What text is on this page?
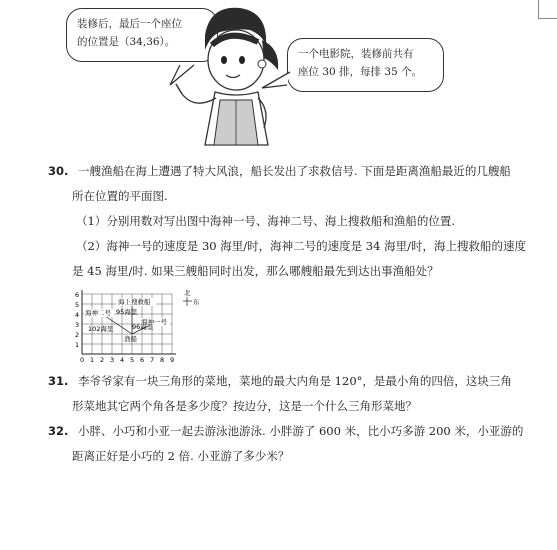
装修后，最后一个座位
的位置是（34,36）。
一个电影院，装修前共有
座位 30 排，每排 35 个。
30. 一艘渔船在海上遭遇了特大风浪，船长发出了求救信号. 下面是距离渔船最近的几艘船
所在位置的平面图.
（1）分别用数对写出图中海神一号、海神二号、海上搜救船和渔船的位置.
（2）海神一号的速度是 30 海里/时，海神二号的速度是 34 海里/时，海上搜救船的速度
是 45 海里/时. 如果三艘船同时出发，那么哪艘船最先到达出事渔船处？
海上搜救船
海神二号 95海里
海神一号
102海里	96海里
渔船
0 1 2 3 4 5 6 7 8 9
1
2
3
4
5
6	北
东
31. 李爷爷家有一块三角形的菜地，菜地的最大内角是 120°，是最小角的四倍，这块三角
形菜地其它两个角各是多少度？按边分，这是一个什么三角形菜地？
32. 小胖、小巧和小亚一起去游泳池游泳. 小胖游了 600 米，比小巧多游 200 米，小亚游的
距离正好是小巧的 2 倍. 小亚游了多少米？
